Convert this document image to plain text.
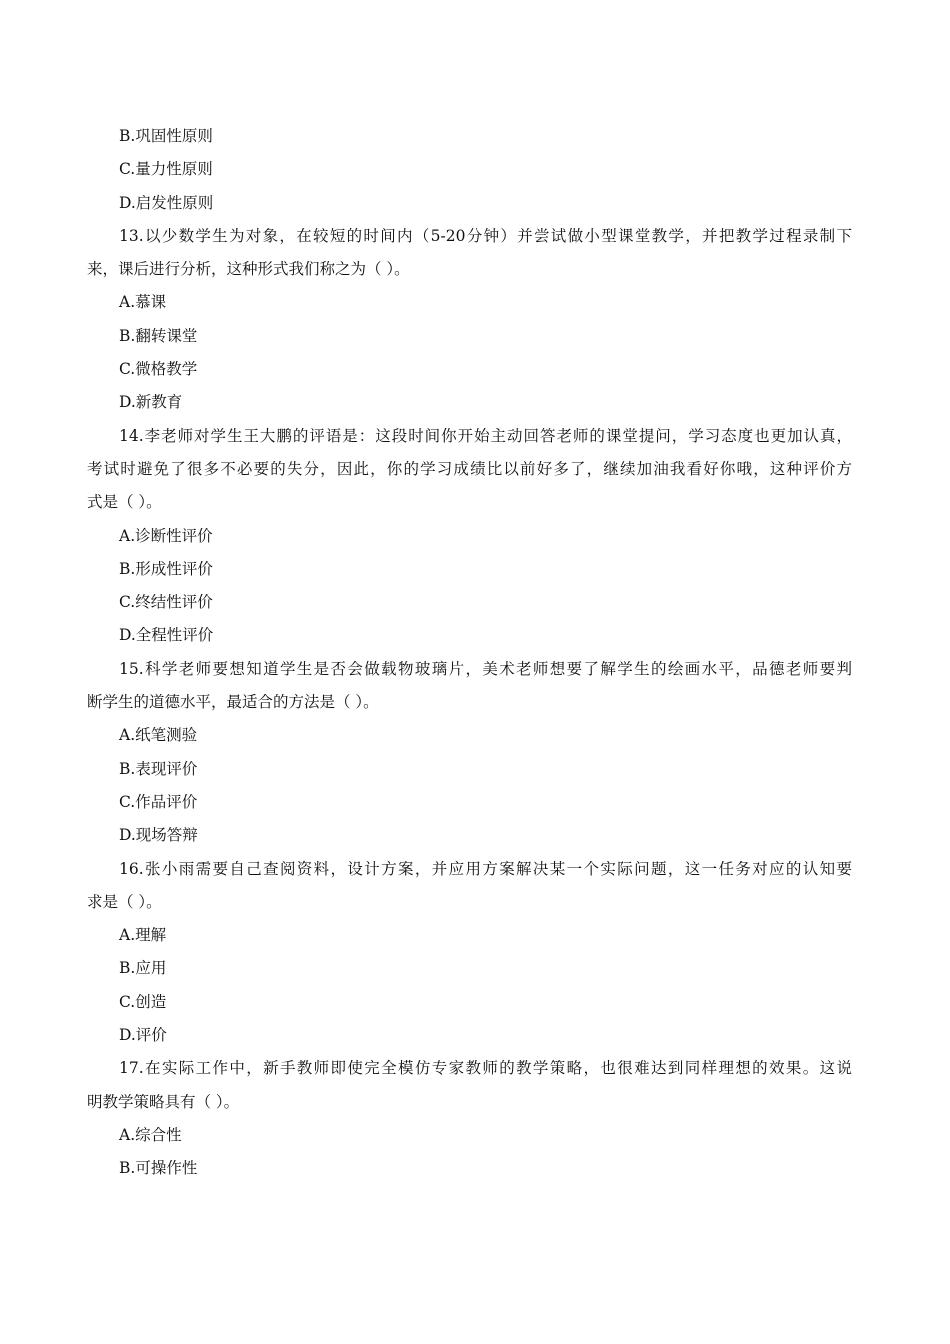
B.巩固性原则
C.量力性原则
D.启发性原则
13.以少数学生为对象，在较短的时间内（5-20分钟）并尝试做小型课堂教学，并把教学过程录制下
来，课后进行分析，这种形式我们称之为（ ）。
A.慕课
B.翻转课堂
C.微格教学
D.新教育
14.李老师对学生王大鹏的评语是：这段时间你开始主动回答老师的课堂提问，学习态度也更加认真，
考试时避免了很多不必要的失分，因此，你的学习成绩比以前好多了，继续加油我看好你哦，这种评价方
式是（ ）。
A.诊断性评价
B.形成性评价
C.终结性评价
D.全程性评价
15.科学老师要想知道学生是否会做载物玻璃片，美术老师想要了解学生的绘画水平，品德老师要判
断学生的道德水平，最适合的方法是（ ）。
A.纸笔测验
B.表现评价
C.作品评价
D.现场答辩
16.张小雨需要自己查阅资料，设计方案，并应用方案解决某一个实际问题，这一任务对应的认知要
求是（ ）。
A.理解
B.应用
C.创造
D.评价
17.在实际工作中，新手教师即使完全模仿专家教师的教学策略，也很难达到同样理想的效果。这说
明教学策略具有（ ）。
A.综合性
B.可操作性
